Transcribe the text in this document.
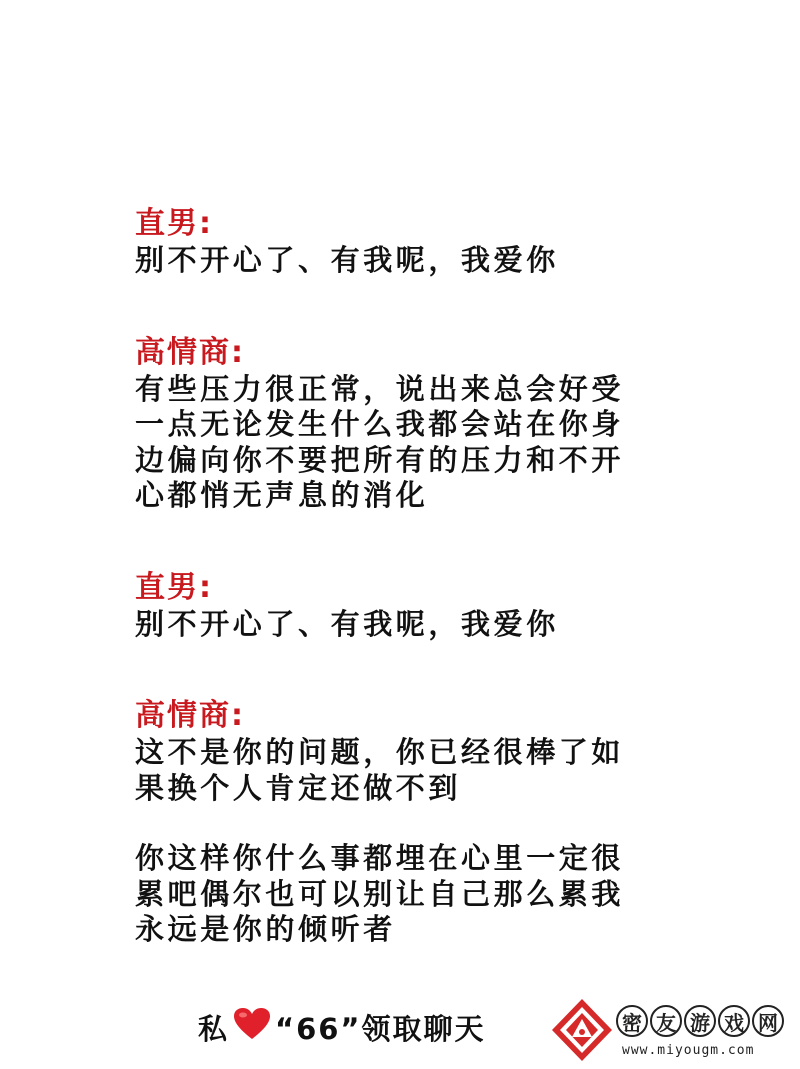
直男:
别不开心了、有我呢，我爱你
高情商:
有些压力很正常，说出来总会好受
一点无论发生什么我都会站在你身
边偏向你不要把所有的压力和不开
心都悄无声息的消化
直男:
别不开心了、有我呢，我爱你
高情商:
这不是你的问题，你已经很棒了如
果换个人肯定还做不到
你这样你什么事都埋在心里一定很
累吧偶尔也可以别让自己那么累我
永远是你的倾听者
私 “66”领取聊天	密 友 游 戏 网
www.miyougm.com
